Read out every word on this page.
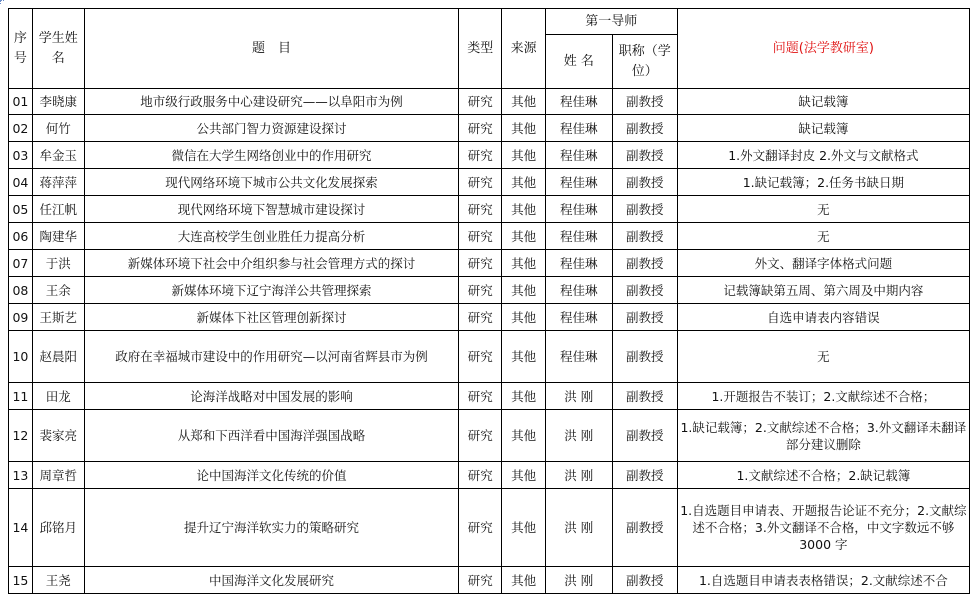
序号	学生姓名	题　目	类型	来源	第一导师		问题(法学教研室)
					姓 名	职称（学位）	
01	李晓康	地市级行政服务中心建设研究——以阜阳市为例	研究	其他	程佳琳	副教授	缺记载簿
02	何竹	公共部门智力资源建设探讨	研究	其他	程佳琳	副教授	缺记载簿
03	牟金玉	微信在大学生网络创业中的作用研究	研究	其他	程佳琳	副教授	1.外文翻译封皮 2.外文与文献格式
04	蒋萍萍	现代网络环境下城市公共文化发展探索	研究	其他	程佳琳	副教授	1.缺记载簿；2.任务书缺日期
05	任江帆	现代网络环境下智慧城市建设探讨	研究	其他	程佳琳	副教授	无
06	陶建华	大连高校学生创业胜任力提高分析	研究	其他	程佳琳	副教授	无
07	于洪	新媒体环境下社会中介组织参与社会管理方式的探讨	研究	其他	程佳琳	副教授	外文、翻译字体格式问题
08	王余	新媒体环境下辽宁海洋公共管理探索	研究	其他	程佳琳	副教授	记载簿缺第五周、第六周及中期内容
09	王斯艺	新媒体下社区管理创新探讨	研究	其他	程佳琳	副教授	自选申请表内容错误
10	赵晨阳	政府在幸福城市建设中的作用研究—以河南省辉县市为例	研究	其他	程佳琳	副教授	无
11	田龙	论海洋战略对中国发展的影响	研究	其他	洪 刚	副教授	1.开题报告不装订；2.文献综述不合格；
12	裴家亮	从郑和下西洋看中国海洋强国战略	研究	其他	洪 刚	副教授	1.缺记载簿；2.文献综述不合格；3.外文翻译未翻译部分建议删除
13	周章哲	论中国海洋文化传统的价值	研究	其他	洪 刚	副教授	1.文献综述不合格；2.缺记载簿
14	邱铭月	提升辽宁海洋软实力的策略研究	研究	其他	洪 刚	副教授	1.自选题目申请表、开题报告论证不充分；2.文献综述不合格；3.外文翻译不合格，中文字数远不够 3000 字
15	王尧	中国海洋文化发展研究	研究	其他	洪 刚	副教授	1.自选题目申请表表格错误；2.文献综述不合
